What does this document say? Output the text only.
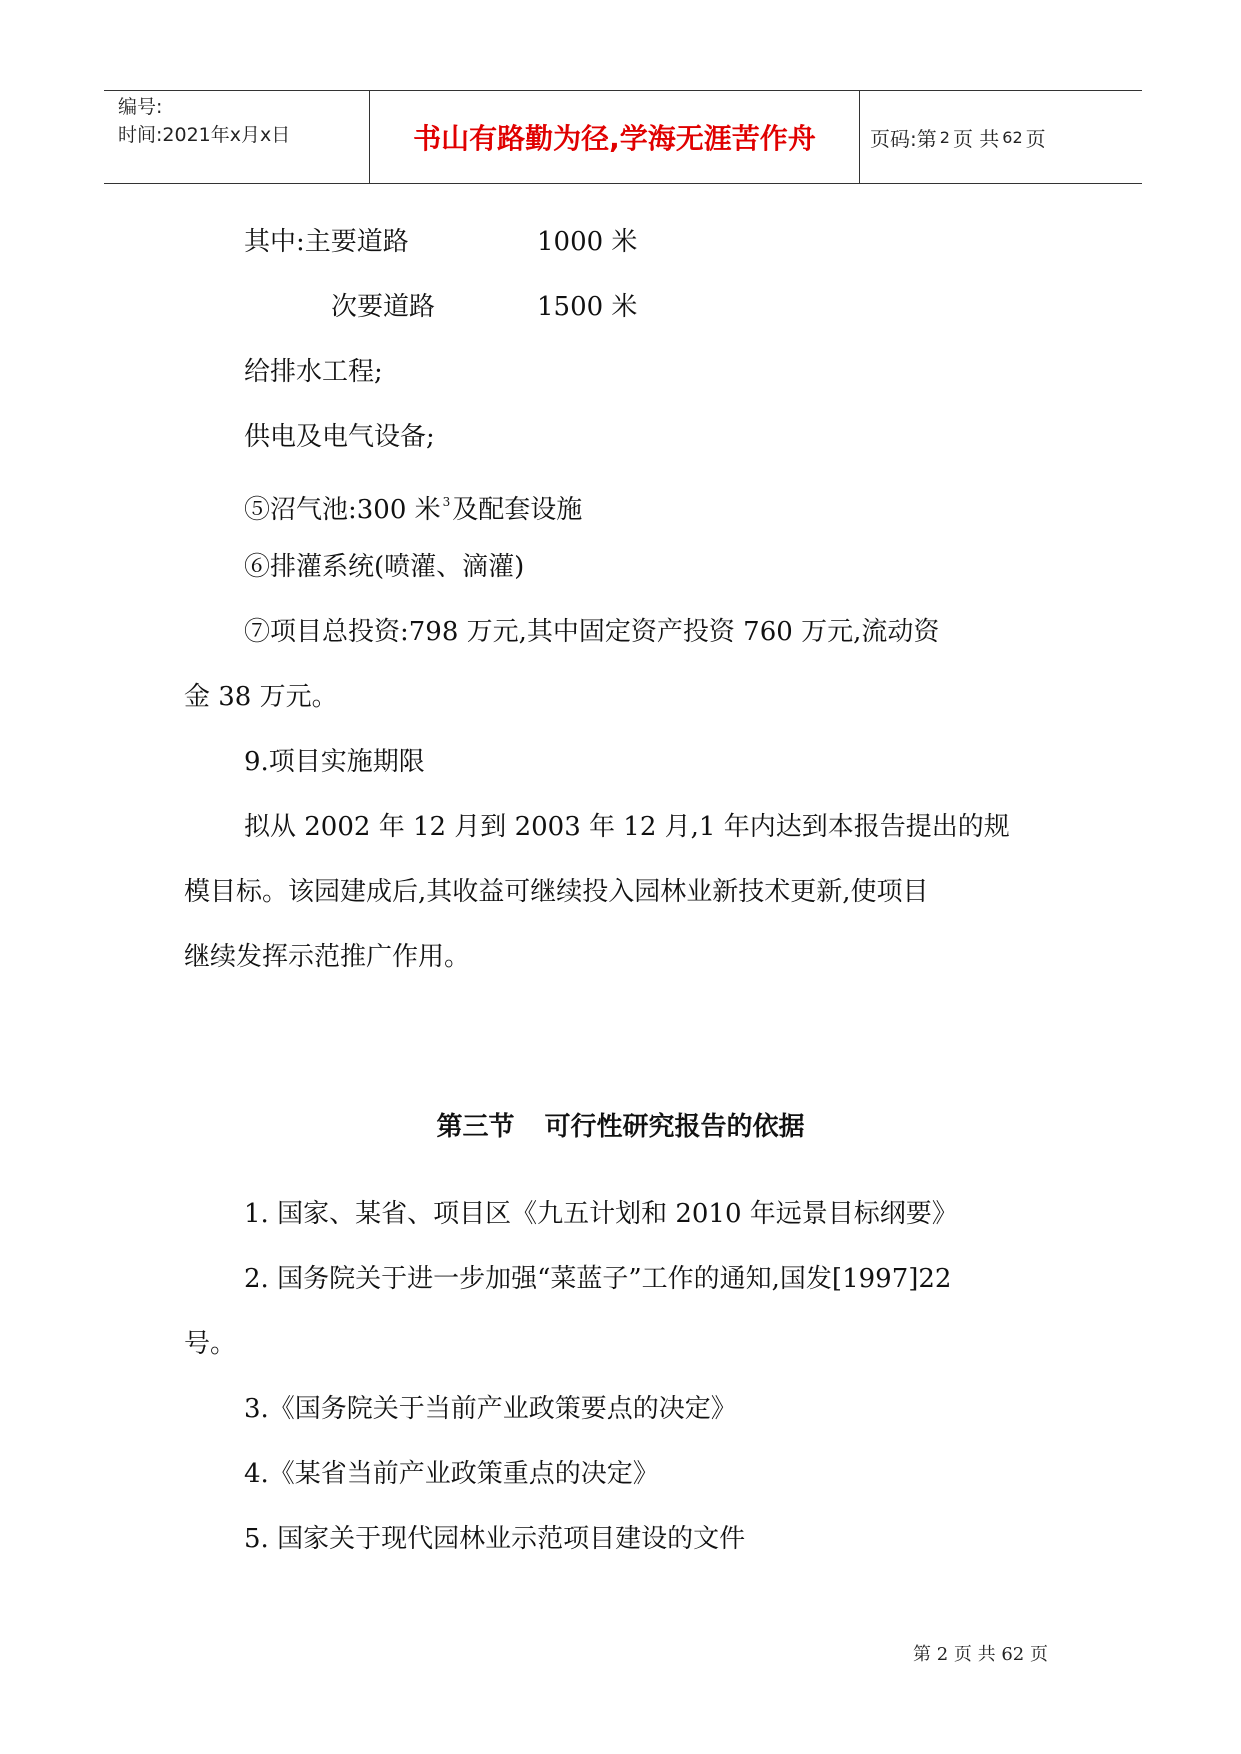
编号:
时间:2021年x月x日	书山有路勤为径,学海无涯苦作舟	页码:第 2 页 共 62 页
其中:主要道路	1000 米
次要道路	1500 米
给排水工程;
供电及电气设备;
⑤沼气池:300 米 $^3$及配套设施
⑥排灌系统(喷灌、滴灌)
⑦项目总投资:798 万元,其中固定资产投资 760 万元,流动资
金 38 万元。
9.项目实施期限
拟从 2002 年 12 月到 2003 年 12 月,1 年内达到本报告提出的规
模目标。该园建成后,其收益可继续投入园林业新技术更新,使项目
继续发挥示范推广作用。
第三节 可行性研究报告的依据
1. 国家、某省、项目区《九五计划和 2010 年远景目标纲要》
2. 国务院关于进一步加强“菜蓝子”工作的通知,国发[1997]22
号。
3.《国务院关于当前产业政策要点的决定》
4.《某省当前产业政策重点的决定》
5. 国家关于现代园林业示范项目建设的文件
第 2 页 共 62 页
